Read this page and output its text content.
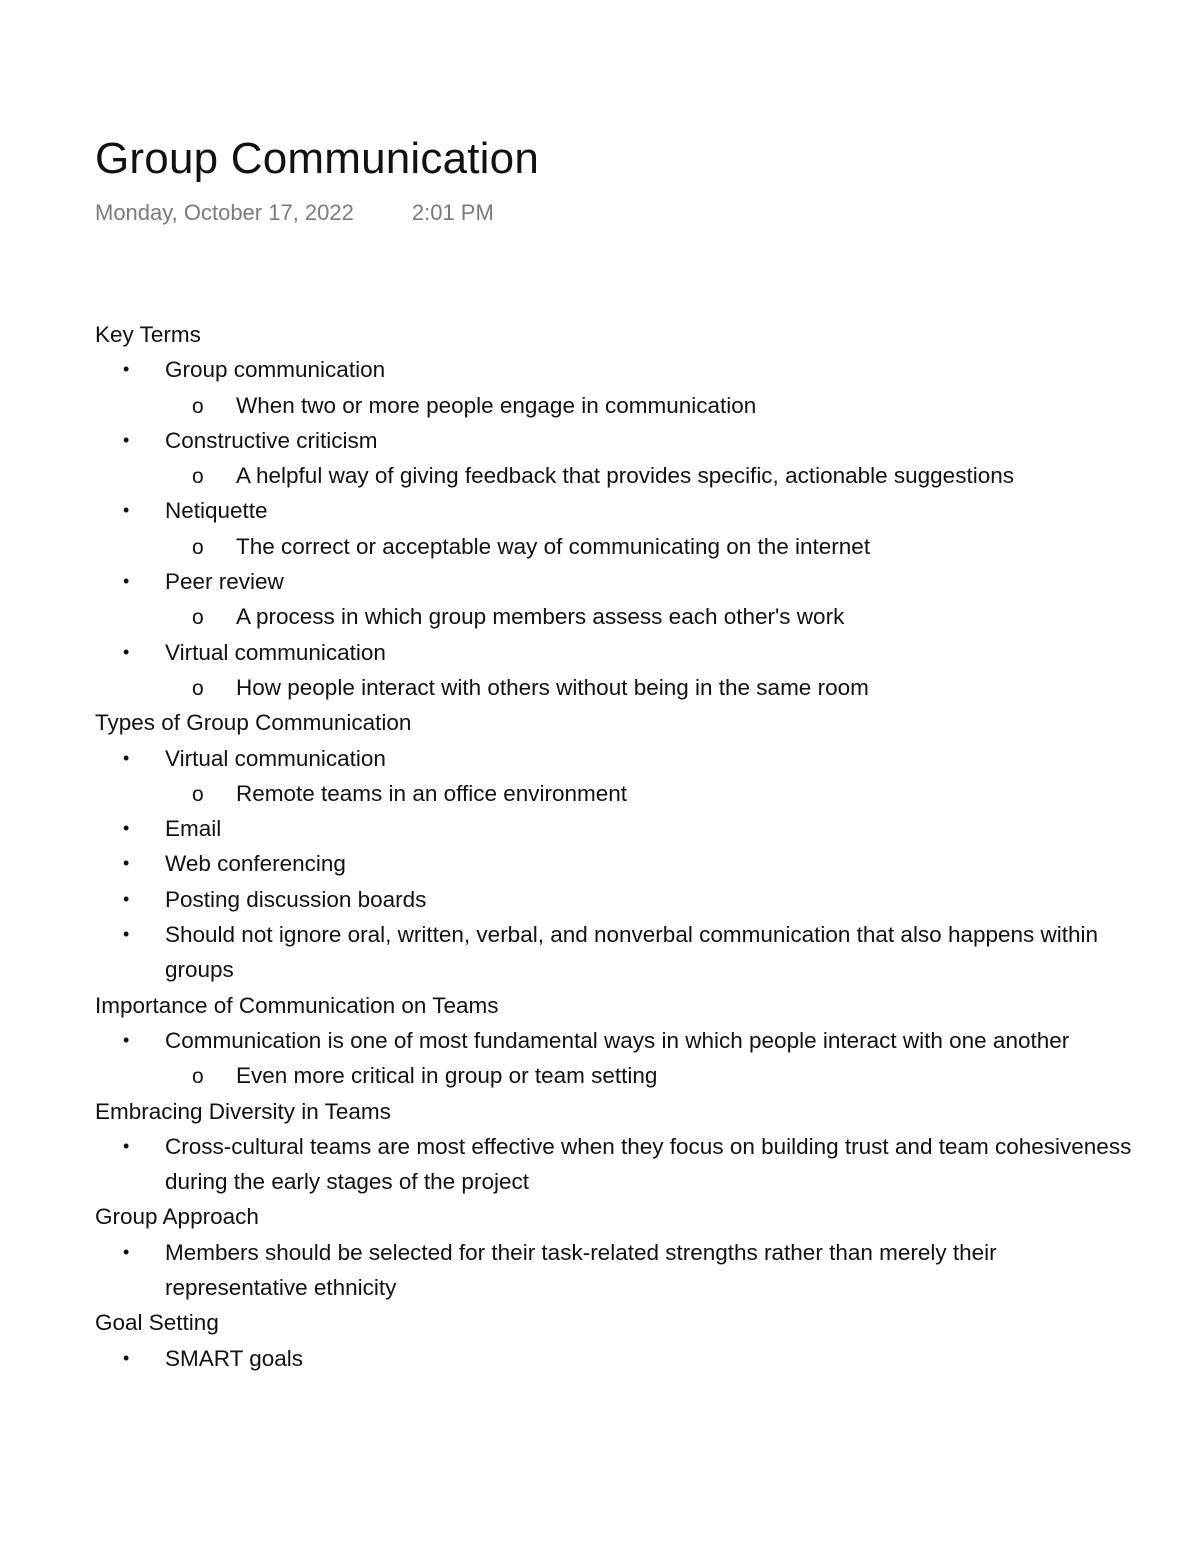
Group Communication
Monday, October 17, 2022	2:01 PM
Key Terms
• Group communication
o When two or more people engage in communication
• Constructive criticism
o A helpful way of giving feedback that provides specific, actionable suggestions
• Netiquette
o The correct or acceptable way of communicating on the internet
• Peer review
o A process in which group members assess each other's work
• Virtual communication
o How people interact with others without being in the same room
Types of Group Communication
• Virtual communication
o Remote teams in an office environment
• Email
• Web conferencing
• Posting discussion boards
• Should not ignore oral, written, verbal, and nonverbal communication that also happens within groups
Importance of Communication on Teams
• Communication is one of most fundamental ways in which people interact with one another
o Even more critical in group or team setting
Embracing Diversity in Teams
• Cross-cultural teams are most effective when they focus on building trust and team cohesiveness during the early stages of the project
Group Approach
• Members should be selected for their task-related strengths rather than merely their representative ethnicity
Goal Setting
• SMART goals
